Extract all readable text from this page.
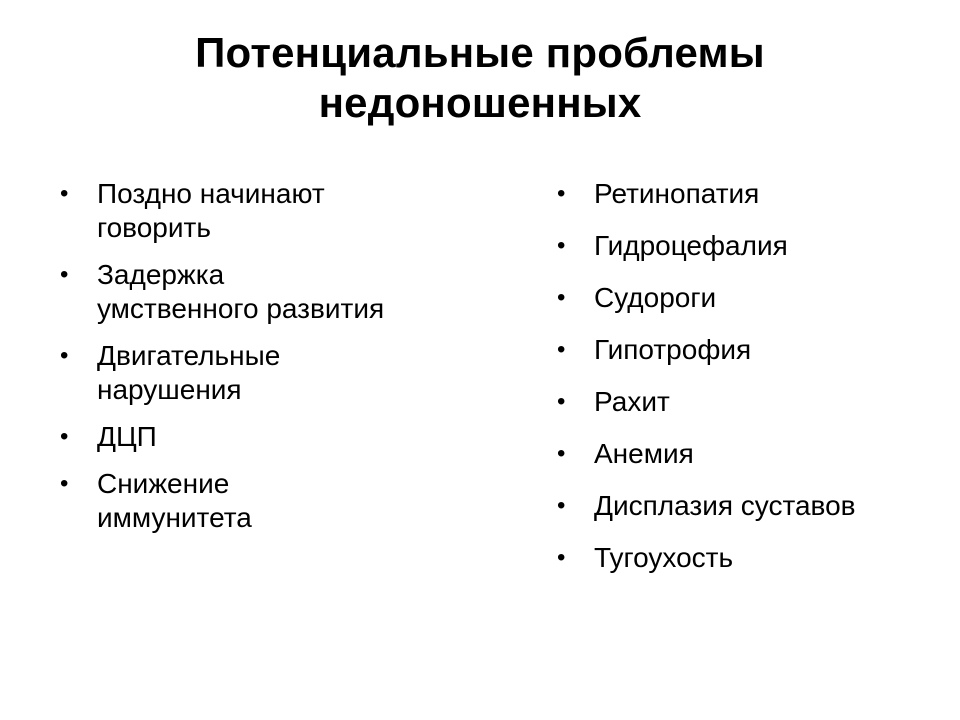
Потенциальные проблемы
недоношенных
•	Поздно начинают
говорить
•	Задержка
умственного развития
•	Двигательные
нарушения
•	ДЦП
•	Снижение
иммунитета
•	Ретинопатия
•	Гидроцефалия
•	Судороги
•	Гипотрофия
•	Рахит
•	Анемия
•	Дисплазия суставов
•	Тугоухость
